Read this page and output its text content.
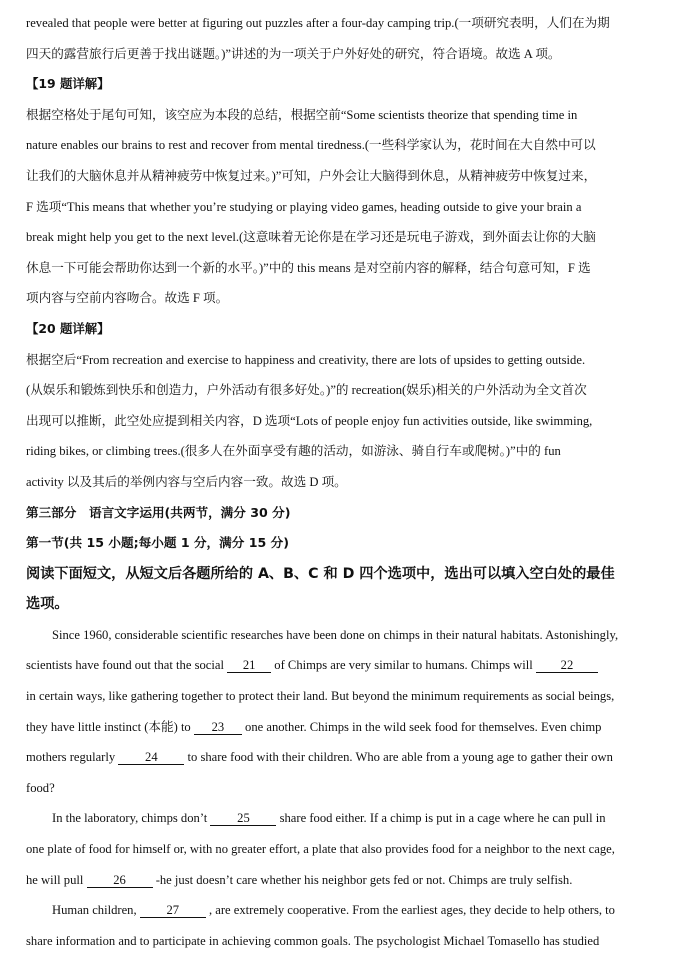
revealed that people were better at figuring out puzzles after a four-day camping trip.(一项研究表明，人们在为期
四天的露营旅行后更善于找出谜题。)”讲述的为一项关于户外好处的研究，符合语境。故选 A 项。
【19 题详解】
根据空格处于尾句可知，该空应为本段的总结，根据空前“Some scientists theorize that spending time in
nature enables our brains to rest and recover from mental tiredness.(一些科学家认为，花时间在大自然中可以
让我们的大脑休息并从精神疲劳中恢复过来。)”可知，户外会让大脑得到休息，从精神疲劳中恢复过来，
F 选项“This means that whether you’re studying or playing video games, heading outside to give your brain a
break might help you get to the next level.(这意味着无论你是在学习还是玩电子游戏，到外面去让你的大脑
休息一下可能会帮助你达到一个新的水平。)”中的 this means 是对空前内容的解释，结合句意可知，F 选
项内容与空前内容吻合。故选 F 项。
【20 题详解】
根据空后“From recreation and exercise to happiness and creativity, there are lots of upsides to getting outside.
(从娱乐和锻炼到快乐和创造力，户外活动有很多好处。)”的 recreation(娱乐)相关的户外活动为全文首次
出现可以推断，此空处应提到相关内容，D 选项“Lots of people enjoy fun activities outside, like swimming,
riding bikes, or climbing trees.(很多人在外面享受有趣的活动，如游泳、骑自行车或爬树。)”中的 fun
activity 以及其后的举例内容与空后内容一致。故选 D 项。
第三部分　语言文字运用(共两节，满分 30 分)
第一节(共 15 小题;每小题 1 分，满分 15 分)
阅读下面短文，从短文后各题所给的 A、B、C 和 D 四个选项中，选出可以填入空白处的最佳
选项。
Since 1960, considerable scientific researches have been done on chimps in their natural habitats. Astonishingly,
scientists have found out that the social 21 of Chimps are very similar to humans. Chimps will 22
in certain ways, like gathering together to protect their land. But beyond the minimum requirements as social beings,
they have little instinct (本能) to 23 one another. Chimps in the wild seek food for themselves. Even chimp
mothers regularly 24 to share food with their children. Who are able from a young age to gather their own
food?
In the laboratory, chimps don’t 25 share food either. If a chimp is put in a cage where he can pull in
one plate of food for himself or, with no greater effort, a plate that also provides food for a neighbor to the next cage,
he will pull 26 -he just doesn’t care whether his neighbor gets fed or not. Chimps are truly selfish.
Human children, 27 , are extremely cooperative. From the earliest ages, they decide to help others, to
share information and to participate in achieving common goals. The psychologist Michael Tomasello has studied
